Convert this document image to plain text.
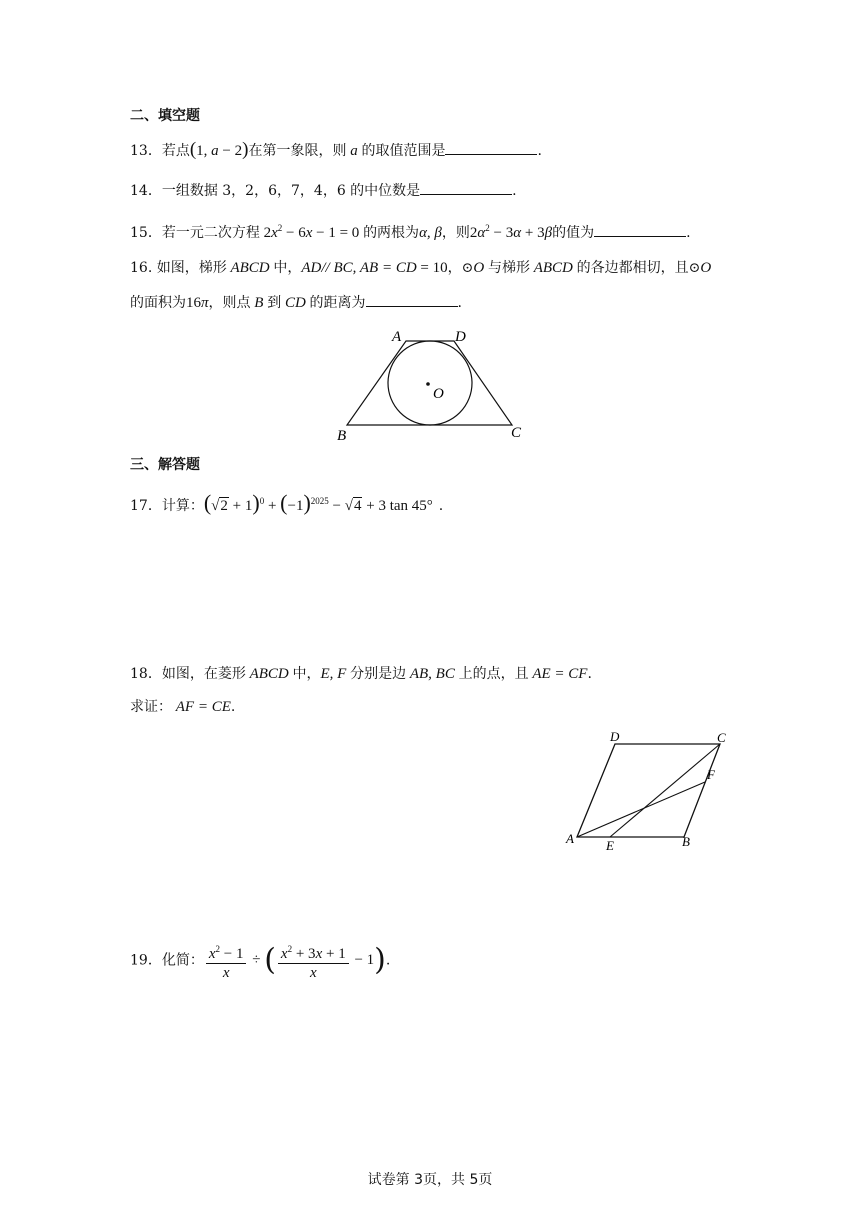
二、填空题
13．若点(1, a − 2)在第一象限，则 a 的取值范围是	.
14．一组数据 3，2，6，7，4，6 的中位数是	.
15．若一元二次方程 $2x^2 - 6x - 1 = 0$ 的两根为α, β，则$2\alpha^2 - 3\alpha + 3\beta$的值为	.
16. 如图，梯形 ABCD 中，AD// BC, AB = CD = 10，⊙O 与梯形 ABCD 的各边都相切，且⊙O
的面积为16π，则点 B 到 CD 的距离为	.
O
A	D
B	C
三、解答题
17．计算：$(√2 + 1)^0 + (-1)^{2025} - √4 + 3$ tan 45° .
18．如图，在菱形 ABCD 中，E, F 分别是边 AB, BC 上的点，且 AE = CF.
求证： AF = CE.
D	C
F
A E	B
19．化简： $\frac{x^2 - 1}{x}$ ÷ ( $\frac{x^2 + 3x + 1}{x} - 1$).
试卷第 3页，共 5页
